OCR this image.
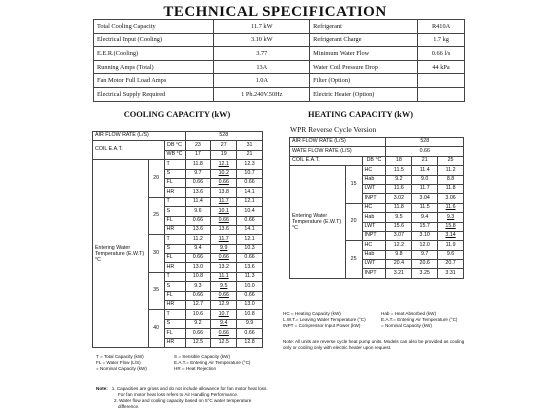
TECHNICAL SPECIFICATION
Total Cooling Capacity	11.7 kW	Refrigerant	R410A
Electrical Input (Cooling)	3.10 kW	Refrigerant Charge	1.7 kg
E.E.R.(Cooling)	3.77	Minimum Water Flow	0.66 l/s
Running Amps (Total)	13A	Water Coil Pressure Drop	44 kPa
Fan Motor Full Load Amps	1.0A	Filter (Option)	
Electrical Supply Required	1 Ph.240V.50Hz	Electric Heater (Option)	
COOLING CAPACITY (kW)	HEATING CAPACITY (kW)
AIR FLOW RATE (L/S)			528		
COIL E.A.T.		DB °C	23	27	31
		WB °C	17	19	21
Entering Water Temperature (E.W.T) °C	20	T	11.8	12.1	12.3
		S	9.7	10.2	10.7
		FL	0.66	0.66	0.66
		HR	13.6	13.8	14.1
	25	T	11.4	11.7	12.1
		S	9.6	10.1	10.4
		FL	0.66	0.66	0.66
		HR	13.6	13.6	14.1
	30	T	11.2	11.7	12.1
		S	9.4	9.9	10.3
		FL	0.66	0.66	0.66
		HR	13.0	13.2	13.6
	35	T	10.8	11.1	11.3
		S	9.3	9.5	10.0
		FL	0.66	0.66	0.66
		HR	12.7	12.9	13.0
	40	T	10.6	10.7	10.8
		S	9.2	9.4	9.9
		FL	0.66	0.66	0.66
		HR	12.5	12.5	12.8
WPR Reverse Cycle Version
AIR FLOW RATE (L/S)			528		
WATE FLOW RATE (L/S)			0.66		
COIL E.A.T.		DB °C	18	21	25
Entering Water Temperature (E.W.T) °C	15	HC	11.5	11.4	11.2
		Hab	9.2	9.0	8.8
		LWT	11.6	11.7	11.8
		INPT	3.02	3.04	3.06
	20	HC	11.8	11.5	11.6
		Hab	9.5	9.4	9.3
		LWT	15.6	15.7	15.8
		INPT	3.07	3.10	3.14
	25	HC	12.2	12.0	11.9
		Hab	9.8	9.7	9.6
		LWT	20.4	20.6	20.7
		INPT	3.21	3.25	3.31
T = Total Capacity (kW)	S = Sensible Capacity (kW)
FL = Water Flow (L/S)	E.A.T.= Entering Air Temperature (°C)
= Nominal Capacity (kW)	HR = Heat Rejection
HC = Heating Capacity (kW)	Hab = Heat Absorbed (kW)
L.W.T.= Leaving Water Temperature (°C)	E.A.T.= Entering Air Temperature (°C)
INPT = Compressor Input Power (kW)	= Nominal Capacity (kW)
Note: All units are reverse cycle heat pump units. Models can also be provided as cooling only or cooling only with electric heater upon request.
Note: 1. Capacities are gross and do not include allowance for fan motor heat loss.
For fan motor heat loss refers to Air Handling Performance.
2. Water flow and cooling capacity based on 5°C water temperature
difference.
